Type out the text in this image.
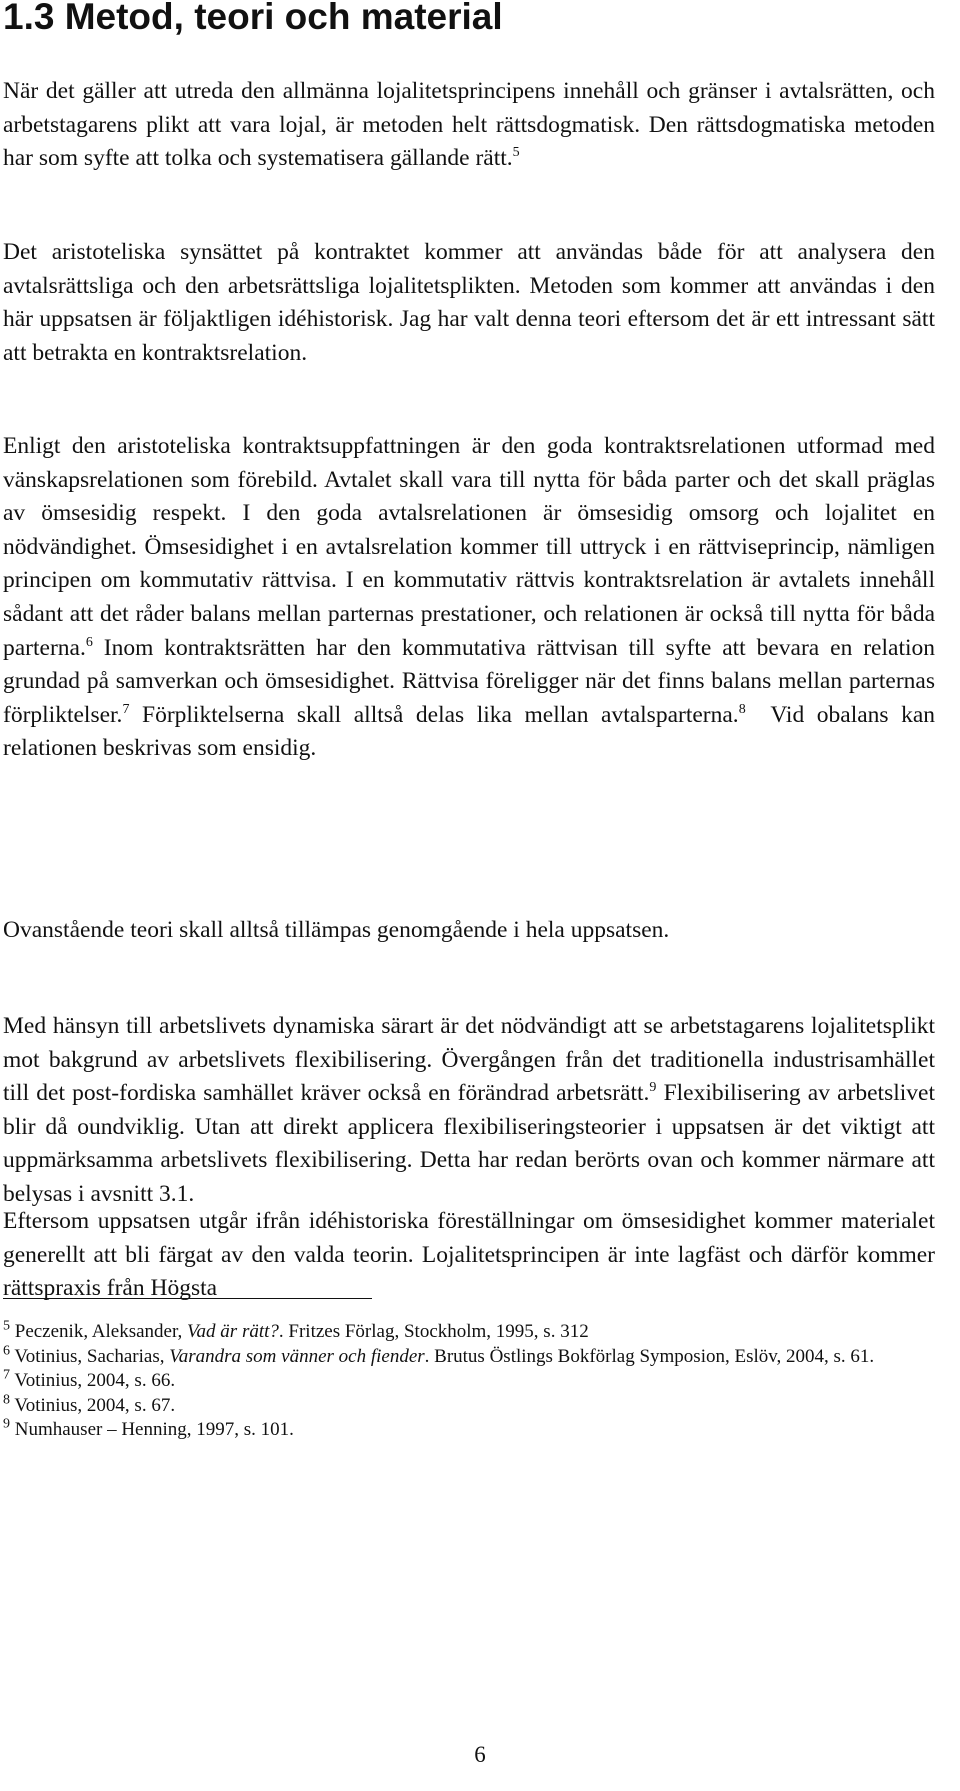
1.3 Metod, teori och material

När det gäller att utreda den allmänna lojalitetsprincipens innehåll och gränser i avtalsrätten, och arbetstagarens plikt att vara lojal, är metoden helt rättsdogmatisk. Den rättsdogmatiska metoden har som syfte att tolka och systematisera gällande rätt.$^5$

Det aristoteliska synsättet på kontraktet kommer att användas både för att analysera den avtalsrättsliga och den arbetsrättsliga lojalitetsplikten. Metoden som kommer att användas i den här uppsatsen är följaktligen idéhistorisk. Jag har valt denna teori eftersom det är ett intressant sätt att betrakta en kontraktsrelation.

Enligt den aristoteliska kontraktsuppfattningen är den goda kontraktsrelationen utformad med vänskapsrelationen som förebild. Avtalet skall vara till nytta för båda parter och det skall präglas av ömsesidig respekt. I den goda avtalsrelationen är ömsesidig omsorg och lojalitet en nödvändighet. Ömsesidighet i en avtalsrelation kommer till uttryck i en rättviseprincip, nämligen principen om kommutativ rättvisa. I en kommutativ rättvis kontraktsrelation är avtalets innehåll sådant att det råder balans mellan parternas prestationer, och relationen är också till nytta för båda parterna.$^6$ Inom kontraktsrätten har den kommutativa rättvisan till syfte att bevara en relation grundad på samverkan och ömsesidighet. Rättvisa föreligger när det finns balans mellan parternas förpliktelser.$^7$ Förpliktelserna skall alltså delas lika mellan avtalsparterna.$^8$ Vid obalans kan relationen beskrivas som ensidig.

Ovanstående teori skall alltså tillämpas genomgående i hela uppsatsen.

Med hänsyn till arbetslivets dynamiska särart är det nödvändigt att se arbetstagarens lojalitetsplikt mot bakgrund av arbetslivets flexibilisering. Övergången från det traditionella industrisamhället till det post-fordiska samhället kräver också en förändrad arbetsrätt.$^9$ Flexibilisering av arbetslivet blir då oundviklig. Utan att direkt applicera flexibiliseringsteorier i uppsatsen är det viktigt att uppmärksamma arbetslivets flexibilisering. Detta har redan berörts ovan och kommer närmare att belysas i avsnitt 3.1.

Eftersom uppsatsen utgår ifrån idéhistoriska föreställningar om ömsesidighet kommer materialet generellt att bli färgat av den valda teorin. Lojalitetsprincipen är inte lagfäst och därför kommer rättspraxis från Högsta

$^5$ Peczenik, Aleksander, Vad är rätt?. Fritzes Förlag, Stockholm, 1995, s. 312

$^6$ Votinius, Sacharias, Varandra som vänner och fiender. Brutus Östlings Bokförlag Symposion, Eslöv, 2004, s. 61.

$^7$ Votinius, 2004, s. 66.

$^8$ Votinius, 2004, s. 67.

$^9$ Numhauser – Henning, 1997, s. 101.

6
